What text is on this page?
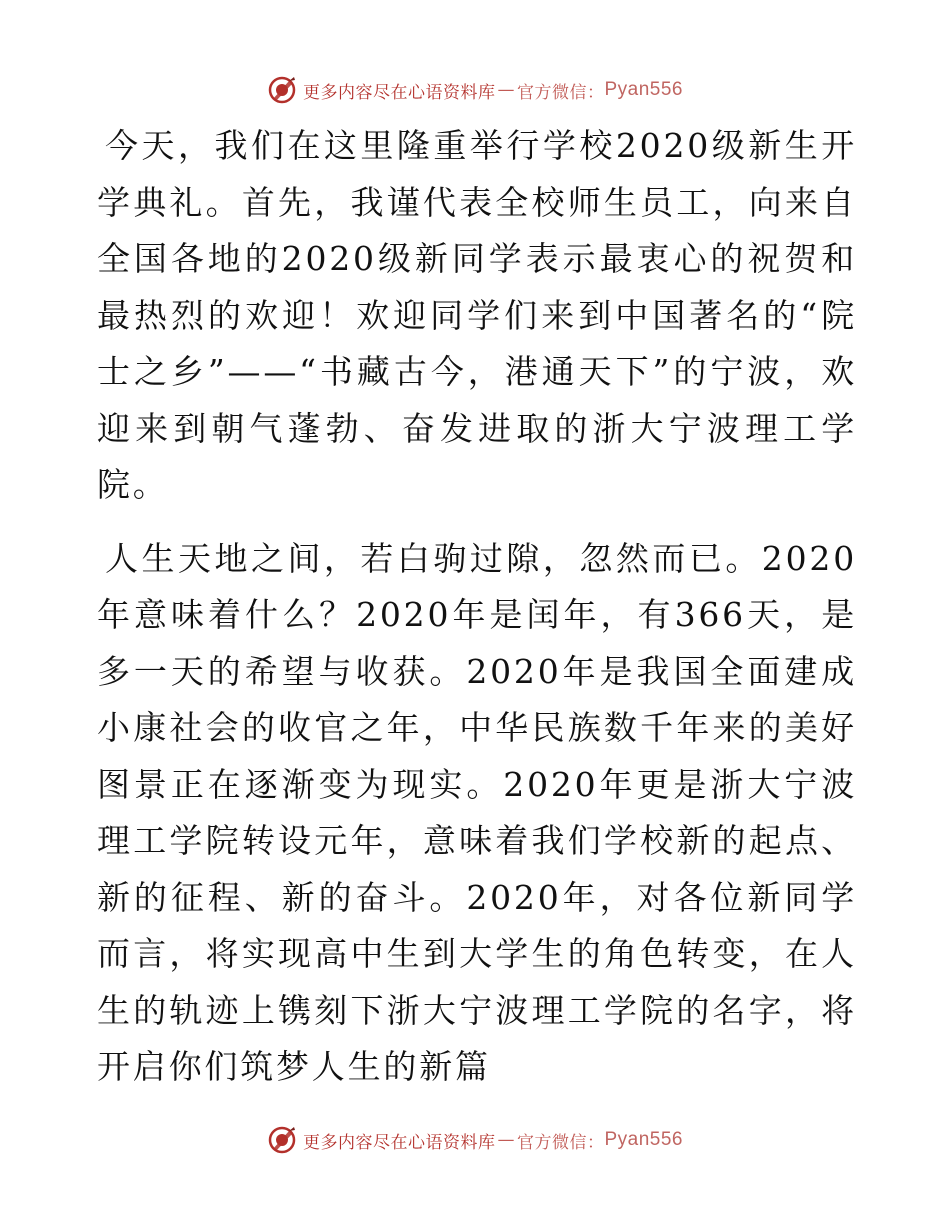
更多内容尽在心语资料库 — 官方微信： Pyan556

今天，我们在这里隆重举行学校2020级新生开学典礼。首先，我谨代表全校师生员工，向来自全国各地的2020级新同学表示最衷心的祝贺和最热烈的欢迎！欢迎同学们来到中国著名的“院士之乡”——“书藏古今，港通天下”的宁波，欢迎来到朝气蓬勃、奋发进取的浙大宁波理工学院。

人生天地之间，若白驹过隙，忽然而已。2020年意味着什么？2020年是闰年，有366天，是多一天的希望与收获。2020年是我国全面建成小康社会的收官之年，中华民族数千年来的美好图景正在逐渐变为现实。2020年更是浙大宁波理工学院转设元年，意味着我们学校新的起点、新的征程、新的奋斗。2020年，对各位新同学而言，将实现高中生到大学生的角色转变，在人生的轨迹上镌刻下浙大宁波理工学院的名字，将开启你们筑梦人生的新篇

更多内容尽在心语资料库 — 官方微信： Pyan556
